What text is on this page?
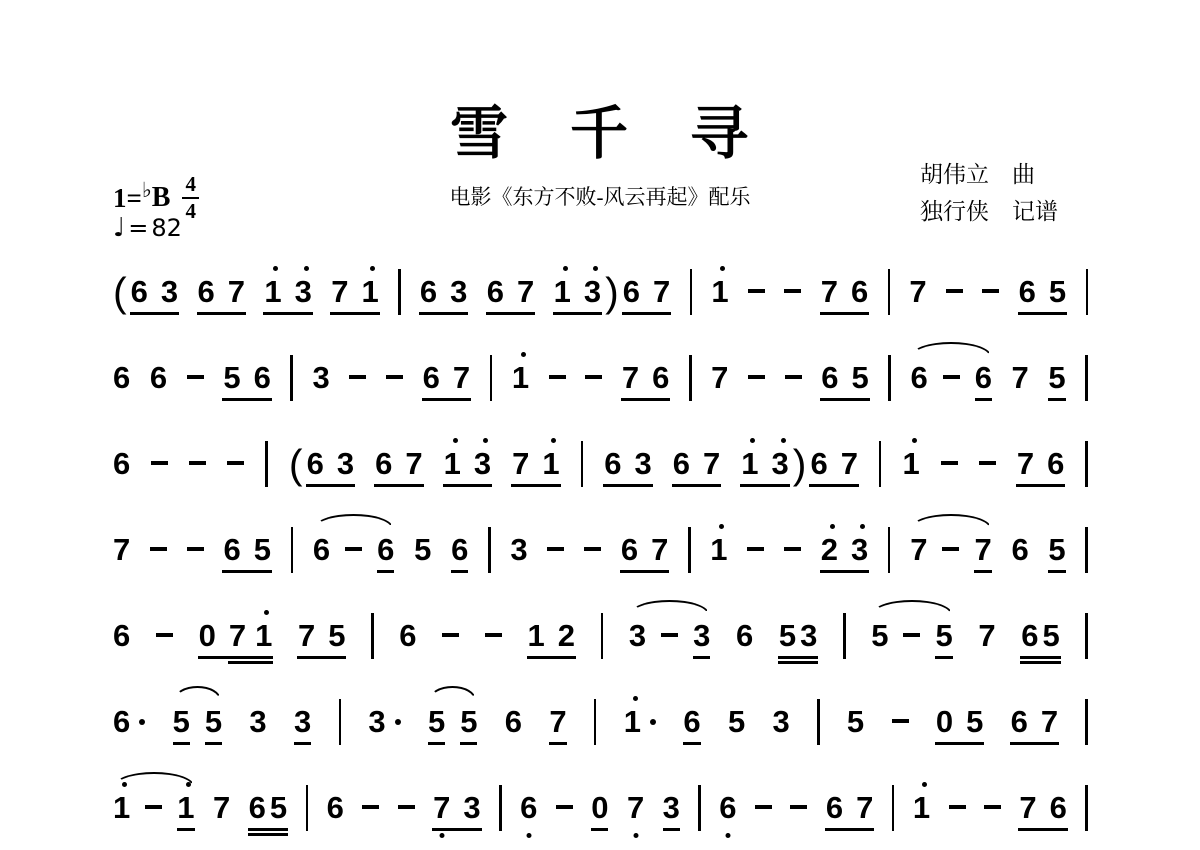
雪　千　寻
电影《东方不败-风云再起》配乐
胡伟立　曲
独行侠　记谱
1= ♭ B $\frac{4}{4}$
♩ = 82
( 6 3 6 7 1 3 7 1 6 3 6 7 1 3 ) 6 7 1	7 6 7	6 5
6 6 5 6 3	6 7 1	7 6 7	6 5 6 6 7 5
6	( 6 3 6 7 1 3 7 1 6 3 6 7 1 3 ) 6 7 1	7 6
7	6 5 6 6 5 6 3	6 7 1	2 3 7 7 6 5
6 0 7 1 7 5 6	1 2 3 3 6 5 3 5 5 7 6 5
6 5 5 3 3 3 5 5 6 7 1 6 5 3 5 0 5 6 7
1 1 7 6 5 6	7 3 6 0 7 3 6	6 7 1	7 6
